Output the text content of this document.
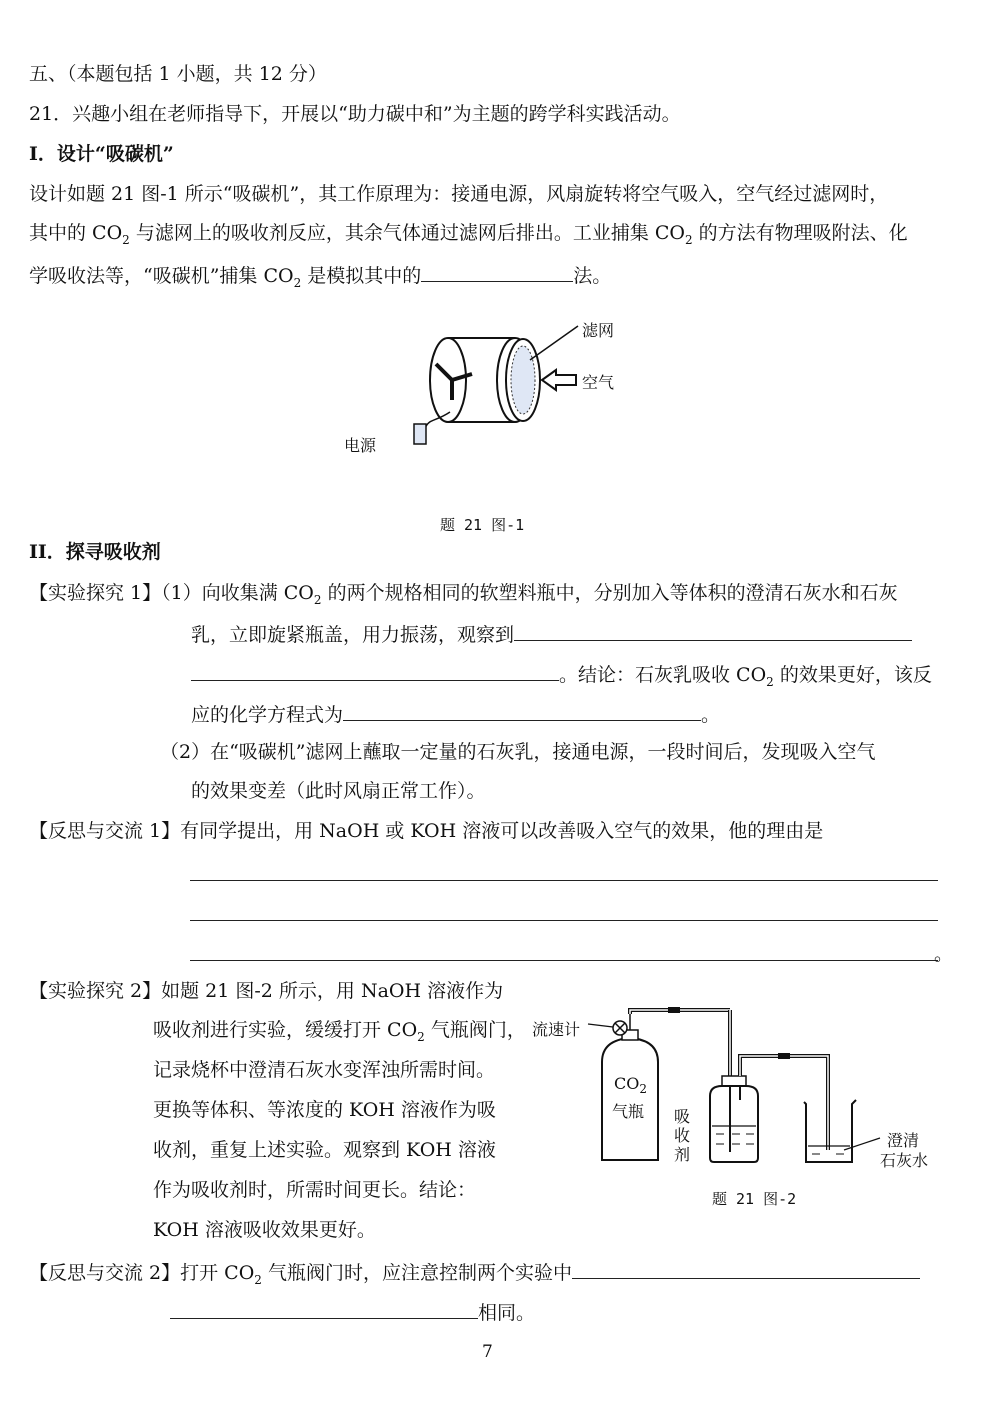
五、（本题包括 1 小题，共 12 分）
21．兴趣小组在老师指导下，开展以“助力碳中和”为主题的跨学科实践活动。
I．设计“吸碳机”
设计如题 21 图-1 所示“吸碳机”，其工作原理为：接通电源，风扇旋转将空气吸入，空气经过滤网时，
其中的 $CO_2$ 与滤网上的吸收剂反应，其余气体通过滤网后排出。工业捕集 $CO_2$ 的方法有物理吸附法、化
学吸收法等，“吸碳机”捕集 $CO_2$ 是模拟其中的	法。
滤网
空气
电源
题 21 图-1
II．探寻吸收剂
【实验探究 1】（1）向收集满 $CO_2$ 的两个规格相同的软塑料瓶中，分别加入等体积的澄清石灰水和石灰
乳，立即旋紧瓶盖，用力振荡，观察到
。结论：石灰乳吸收 $CO_2$ 的效果更好，该反
应的化学方程式为	。
（2）在“吸碳机”滤网上蘸取一定量的石灰乳，接通电源，一段时间后，发现吸入空气
的效果变差（此时风扇正常工作）。
【反思与交流 1】有同学提出，用 NaOH 或 KOH 溶液可以改善吸入空气的效果，他的理由是
。
【实验探究 2】如题 21 图-2 所示，用 NaOH 溶液作为
吸收剂进行实验，缓缓打开 $CO_2$ 气瓶阀门，
记录烧杯中澄清石灰水变浑浊所需时间。
更换等体积、等浓度的 KOH 溶液作为吸
收剂，重复上述实验。观察到 KOH 溶液
作为吸收剂时，所需时间更长。结论：
KOH 溶液吸收效果更好。
流速计
$CO_2$
气瓶 吸
收
剂
澄清
石灰水
题 21 图-2
【反思与交流 2】打开 $CO_2$ 气瓶阀门时，应注意控制两个实验中
相同。
7
